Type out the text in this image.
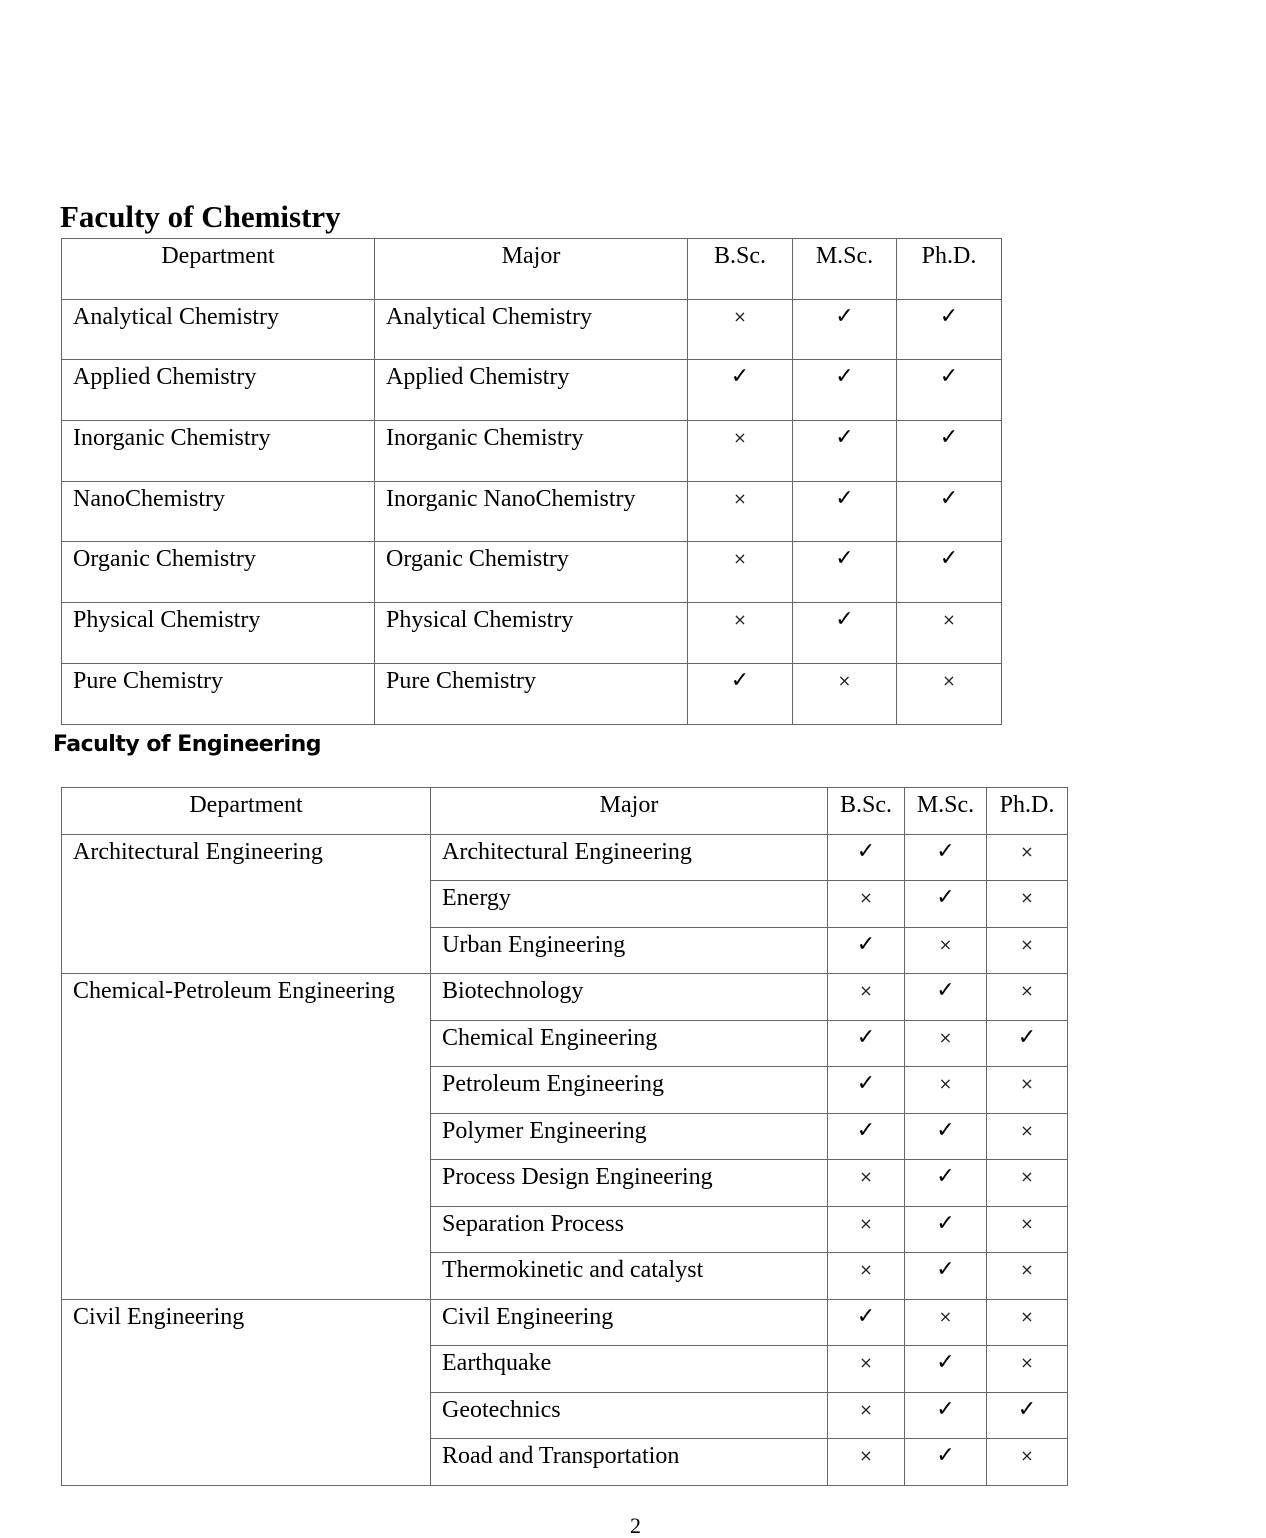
Faculty of Chemistry
Department	Major	B.Sc.	M.Sc.	Ph.D.
Analytical Chemistry	Analytical Chemistry	×	✓	✓
Applied Chemistry	Applied Chemistry	✓	✓	✓
Inorganic Chemistry	Inorganic Chemistry	×	✓	✓
NanoChemistry	Inorganic NanoChemistry	×	✓	✓
Organic Chemistry	Organic Chemistry	×	✓	✓
Physical Chemistry	Physical Chemistry	×	✓	×
Pure Chemistry	Pure Chemistry	✓	×	×
Faculty of Engineering
Department	Major	B.Sc.	M.Sc.	Ph.D.
Architectural Engineering	Architectural Engineering	✓	✓	×
	Energy	×	✓	×
	Urban Engineering	✓	×	×
Chemical-Petroleum Engineering	Biotechnology	×	✓	×
	Chemical Engineering	✓	×	✓
	Petroleum Engineering	✓	×	×
	Polymer Engineering	✓	✓	×
	Process Design Engineering	×	✓	×
	Separation Process	×	✓	×
	Thermokinetic and catalyst	×	✓	×
Civil Engineering	Civil Engineering	✓	×	×
	Earthquake	×	✓	×
	Geotechnics	×	✓	✓
	Road and Transportation	×	✓	×
2
